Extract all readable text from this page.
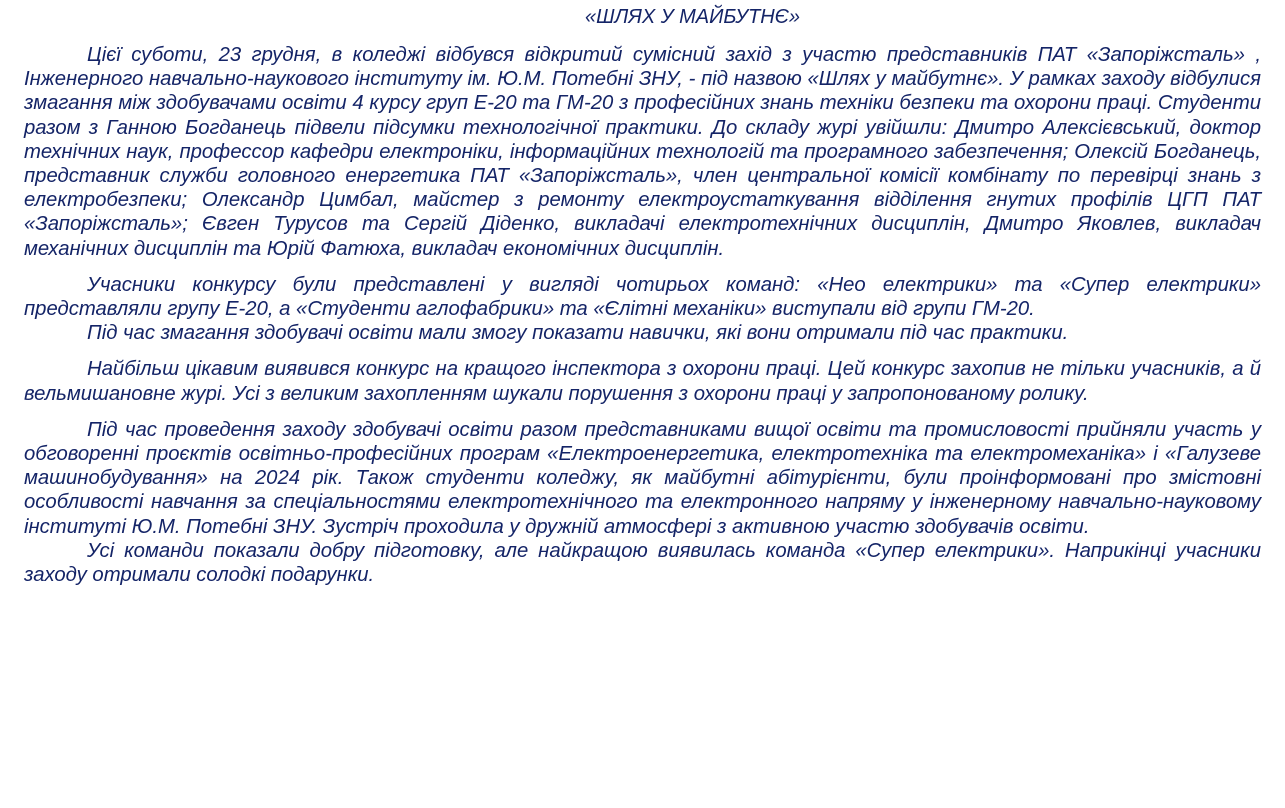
«ШЛЯХ У МАЙБУТНЄ»

Цієї суботи, 23 грудня, в коледжі відбувся відкритий сумісний захід з участю представників ПАТ «Запоріжсталь» , Інженерного навчально-наукового інституту ім. Ю.М. Потебні ЗНУ, - під назвою «Шлях у майбутнє». У рамках заходу відбулися змагання між здобувачами освіти 4 курсу груп Е-20 та ГМ-20 з професійних знань техніки безпеки та охорони праці. Студенти разом з Ганною Богданець підвели підсумки технологічної практики. До складу журі увійшли: Дмитро Алексієвський, доктор технічних наук, профессор кафедри електроніки, інформаційних технологій та програмного забезпечення; Олексій Богданець, представник служби головного енергетика ПАТ «Запоріжсталь», член центральної комісії комбінату по перевірці знань з електробезпеки; Олександр Цимбал, майстер з ремонту електроустаткування відділення гнутих профілів ЦГП ПАТ «Запоріжсталь»; Євген Турусов та Сергій Діденко, викладачі електротехнічних дисциплін, Дмитро Яковлев, викладач механічних дисциплін та Юрій Фатюха, викладач економічних дисциплін.

Учасники конкурсу були представлені у вигляді чотирьох команд: «Нео електрики» та «Супер електрики» представляли групу Е-20, а «Студенти аглофабрики» та «Єлітні механіки» виступали від групи ГМ-20.

Під час змагання здобувачі освіти мали змогу показати навички, які вони отримали під час практики.

Найбільш цікавим виявився конкурс на кращого інспектора з охорони праці. Цей конкурс захопив не тільки учасників, а й вельмишановне журі. Усі з великим захопленням шукали порушення з охорони праці у запропонованому ролику.

Під час проведення заходу здобувачі освіти разом представниками вищої освіти та промисловості прийняли участь у обговоренні проєктів освітньо-професійних програм «Електроенергетика, електротехніка та електромеханіка» і «Галузеве машинобудування» на 2024 рік. Також студенти коледжу, як майбутні абітурієнти, були проінформовані про змістовні особливості навчання за спеціальностями електротехнічного та електронного напряму у інженерному навчально-науковому інституті Ю.М. Потебні ЗНУ. Зустріч проходила у дружній атмосфері з активною участю здобувачів освіти.

Усі команди показали добру підготовку, але найкращою виявилась команда «Супер електрики». Наприкінці учасники заходу отримали солодкі подарунки.
